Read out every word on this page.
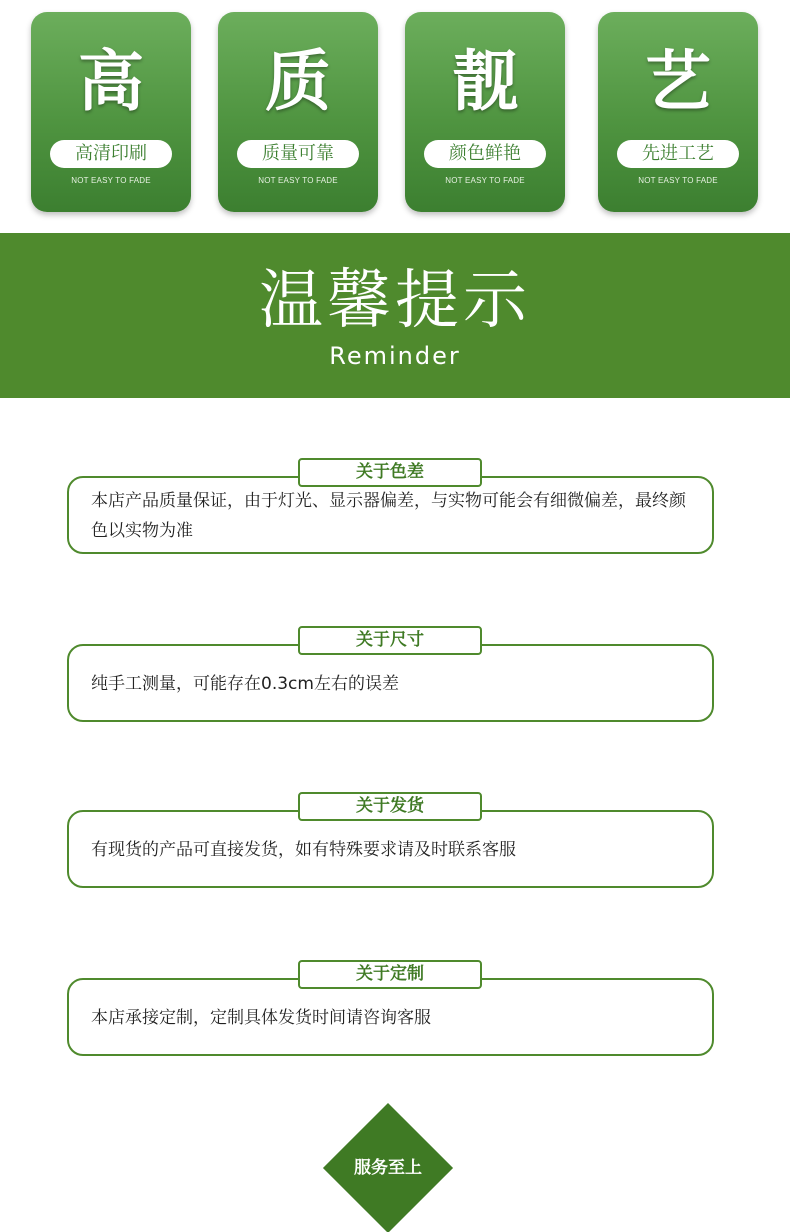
高
高清印刷
NOT EASY TO FADE
质
质量可靠
NOT EASY TO FADE
靓
颜色鲜艳
NOT EASY TO FADE
艺
先进工艺
NOT EASY TO FADE
温馨提示
Reminder
本店产品质量保证，由于灯光、显示器偏差，与实物可能会有细微偏差，最终颜色以实物为准
关于色差
纯手工测量，可能存在0.3cm左右的误差
关于尺寸
有现货的产品可直接发货，如有特殊要求请及时联系客服
关于发货
本店承接定制，定制具体发货时间请咨询客服
关于定制
服务至上
